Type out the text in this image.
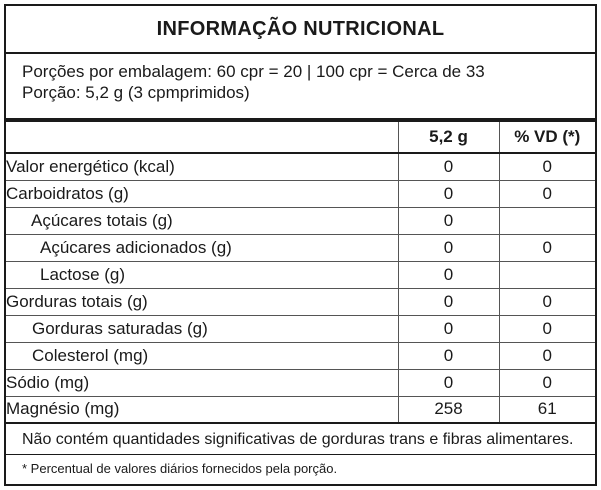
INFORMAÇÃO NUTRICIONAL
Porções por embalagem: 60 cpr = 20 | 100 cpr = Cerca de 33
Porção: 5,2 g (3 cpmprimidos)
	5,2 g	% VD (*)
Valor energético (kcal)	0	0
Carboidratos (g)	0	0
Açúcares totais (g)	0	
Açúcares adicionados (g)	0	0
Lactose (g)	0	
Gorduras totais (g)	0	0
Gorduras saturadas (g)	0	0
Colesterol (mg)	0	0
Sódio (mg)	0	0
Magnésio (mg)	258	61
Não contém quantidades significativas de gorduras trans e fibras alimentares.
* Percentual de valores diários fornecidos pela porção.
